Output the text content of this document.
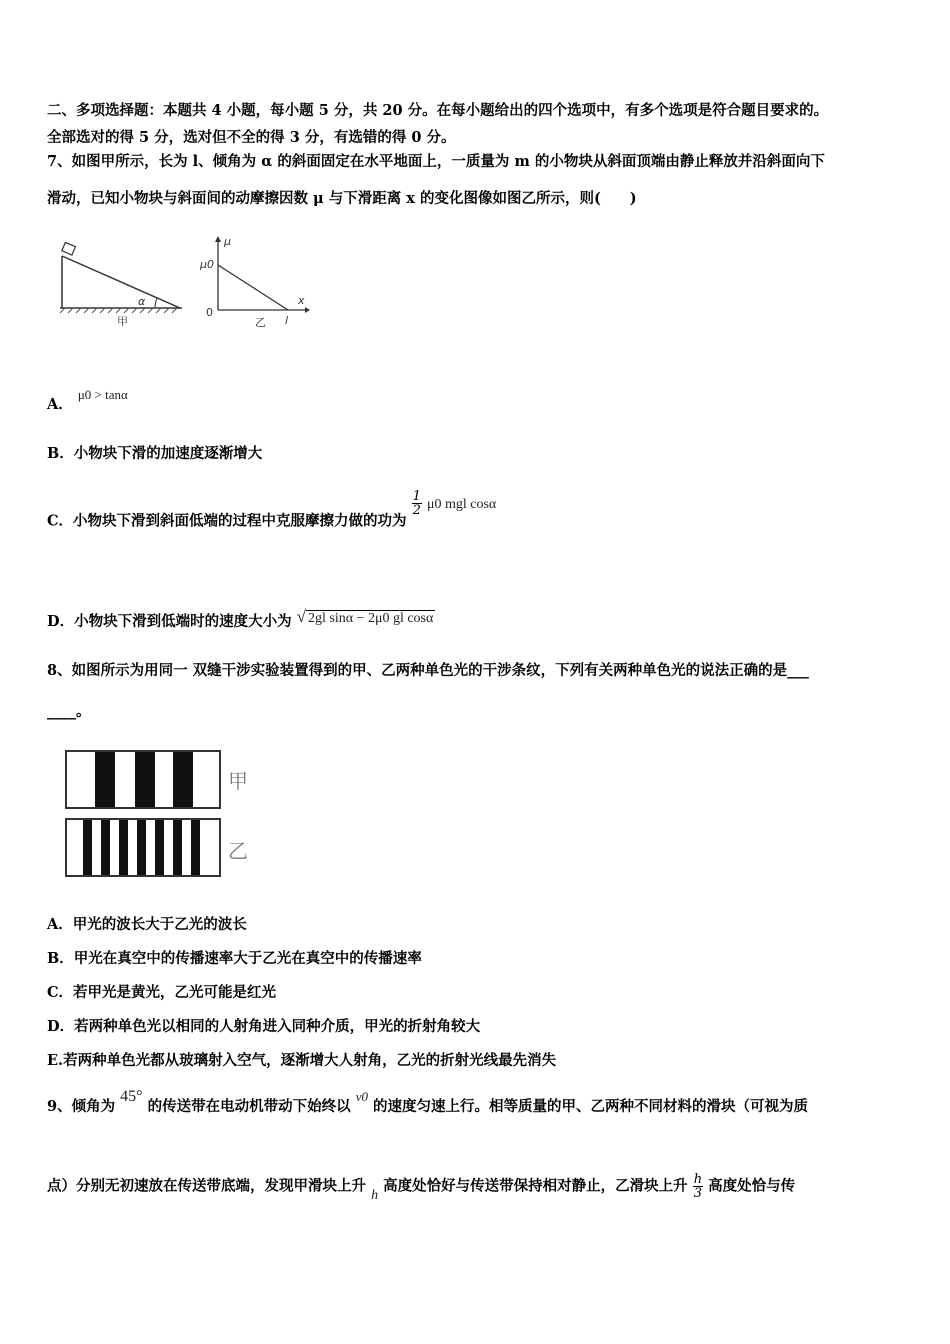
二、多项选择题：本题共 4 小题，每小题 5 分，共 20 分。在每小题给出的四个选项中，有多个选项是符合题目要求的。
全部选对的得 5 分，选对但不全的得 3 分，有选错的得 0 分。
7、如图甲所示，长为 l、倾角为 α 的斜面固定在水平地面上，一质量为 m 的小物块从斜面顶端由静止释放并沿斜面向下
滑动，已知小物块与斜面间的动摩擦因数 μ 与下滑距离 x 的变化图像如图乙所示，则(　　)
α
甲
μ
μ0
0
x
l
乙
A． μ0 > tanα
B．小物块下滑的加速度逐渐增大
C．小物块下滑到斜面低端的过程中克服摩擦力做的功为
$\frac{1}{2} \mu 0$ mgl cosα
D．小物块下滑到低端时的速度大小为 √ 2gl sinα − 2μ0 gl cosα
8、如图所示为用同一 双缝干涉实验装置得到的甲、乙两种单色光的干涉条纹，下列有关两种单色光的说法正确的是___
____。
甲
乙
A．甲光的波长大于乙光的波长
B．甲光在真空中的传播速率大于乙光在真空中的传播速率
C．若甲光是黄光，乙光可能是红光
D．若两种单色光以相同的人射角进入同种介质，甲光的折射角较大
E.若两种单色光都从玻璃射入空气，逐渐增大人射角，乙光的折射光线最先消失
9、倾角为 45° 的传送带在电动机带动下始终以 v0 的速度匀速上行。相等质量的甲、乙两种不同材料的滑块（可视为质
点）分别无初速放在传送带底端，发现甲滑块上升 h 高度处恰好与传送带保持相对静止，乙滑块上升 $\frac{h}{3}$ 高度处恰与传
